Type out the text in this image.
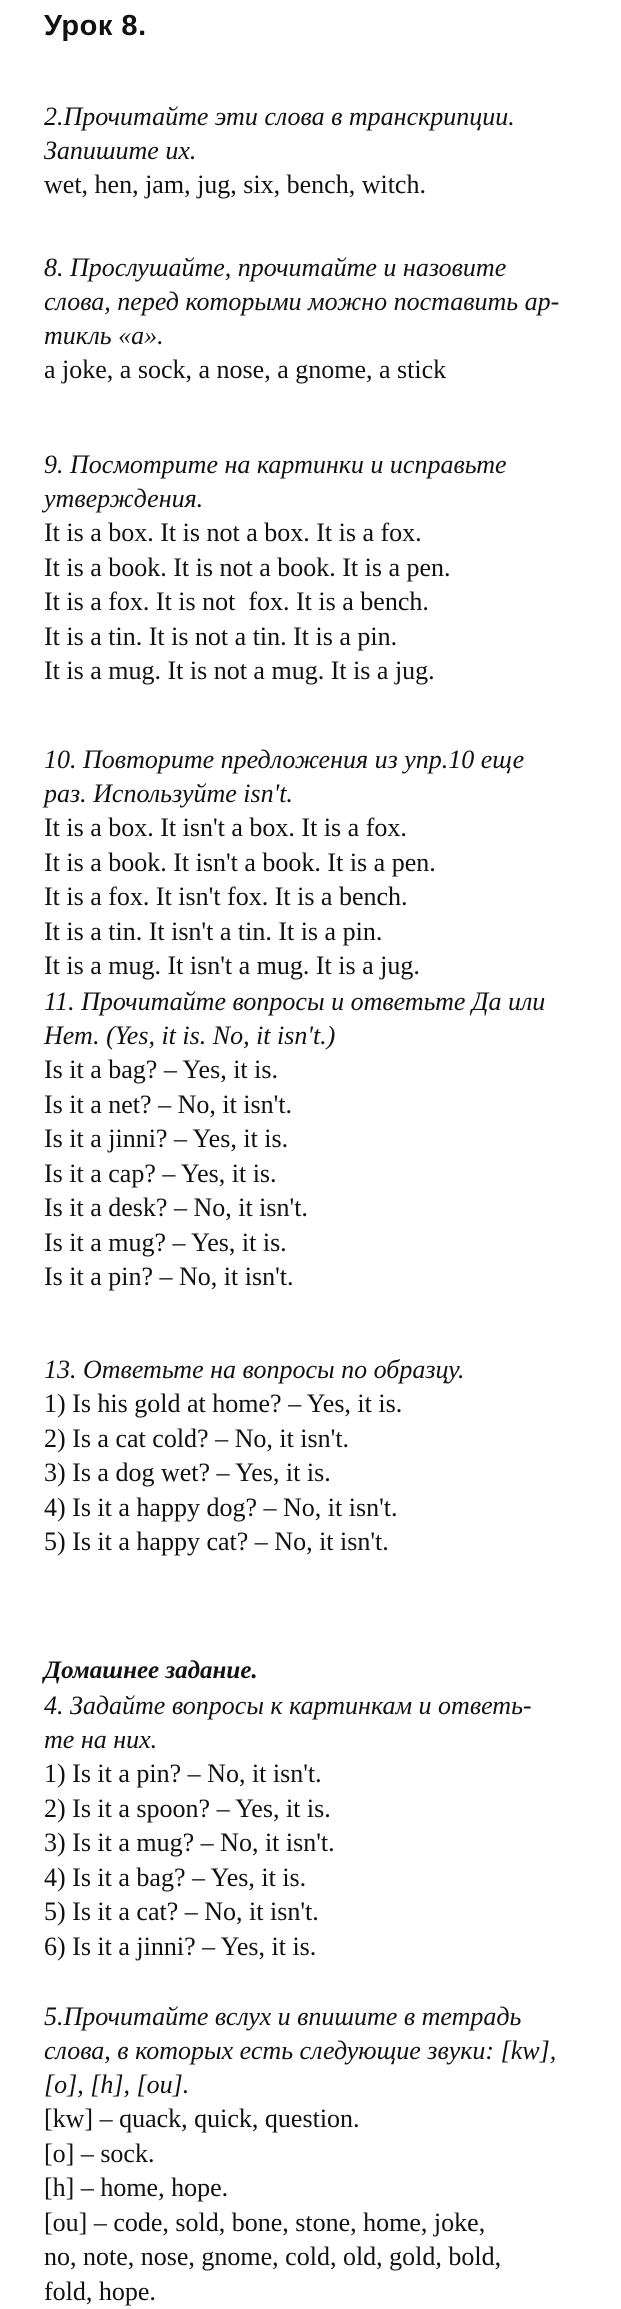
Урок 8.

2.Прочитайте эти слова в транскрипции.

Запишите их.

wet, hen, jam, jug, six, bench, witch.

8. Прослушайте, прочитайте и назовите

слова, перед которыми можно поставить ар-

тикль «а».

a joke, a sock, a nose, a gnome, a stick

9. Посмотрите на картинки и исправьте

утверждения.

It is a box. It is not a box. It is a fox.

It is a book. It is not a book. It is a pen.

It is a fox. It is not  fox. It is a bench.

It is a tin. It is not a tin. It is a pin.

It is a mug. It is not a mug. It is a jug.

10. Повторите предложения из упр.10 еще

раз. Используйте isn't.

It is a box. It isn't a box. It is a fox.

It is a book. It isn't a book. It is a pen.

It is a fox. It isn't fox. It is a bench.

It is a tin. It isn't a tin. It is a pin.

It is a mug. It isn't a mug. It is a jug.

11. Прочитайте вопросы и ответьте Да или

Нет. (Yes, it is. No, it isn't.)

Is it a bag? – Yes, it is.

Is it a net? – No, it isn't.

Is it a jinni? – Yes, it is.

Is it a cap? – Yes, it is.

Is it a desk? – No, it isn't.

Is it a mug? – Yes, it is.

Is it a pin? – No, it isn't.

13. Ответьте на вопросы по образцу.

1) Is his gold at home? – Yes, it is.

2) Is a cat cold? – No, it isn't.

3) Is a dog wet? – Yes, it is.

4) Is it a happy dog? – No, it isn't.

5) Is it a happy cat? – No, it isn't.

Домашнее задание.

4. Задайте вопросы к картинкам и ответь-

те на них.

1) Is it a pin? – No, it isn't.

2) Is it a spoon? – Yes, it is.

3) Is it a mug? – No, it isn't.

4) Is it a bag? – Yes, it is.

5) Is it a cat? – No, it isn't.

6) Is it a jinni? – Yes, it is.

5.Прочитайте вслух и впишите в тетрадь

слова, в которых есть следующие звуки: [kw],

[o], [h], [ou].

[kw] – quack, quick, question.

[o] – sock.

[h] – home, hope.

[ou] – code, sold, bone, stone, home, joke,

no, note, nose, gnome, cold, old, gold, bold,

fold, hope.
